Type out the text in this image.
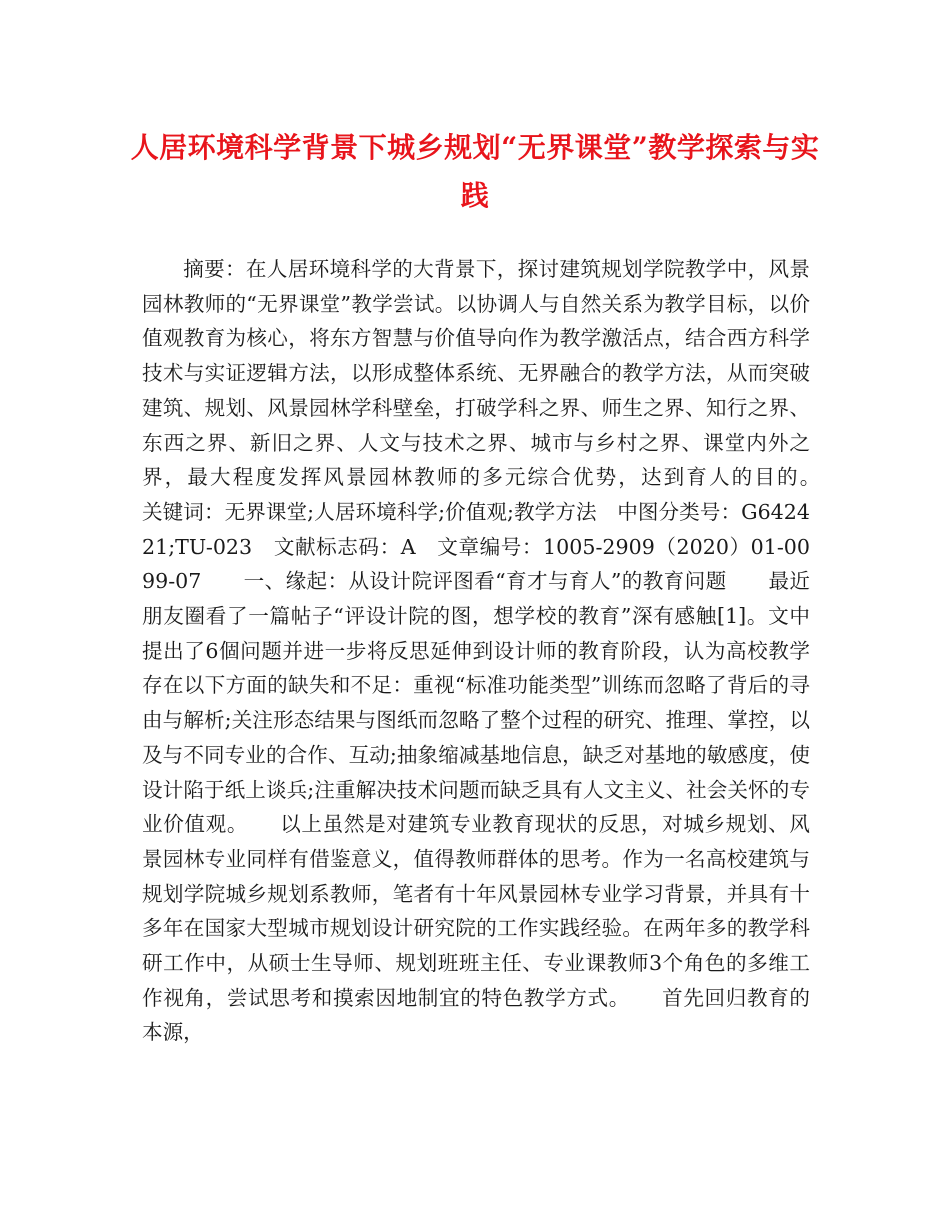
人居环境科学背景下城乡规划“无界课堂”教学探索与实践

摘要：在人居环境科学的大背景下，探讨建筑规划学院教学中，风景园林教师的“无界课堂”教学尝试。以协调人与自然关系为教学目标，以价值观教育为核心，将东方智慧与价值导向作为教学激活点，结合西方科学技术与实证逻辑方法，以形成整体系统、无界融合的教学方法，从而突破建筑、规划、风景园林学科壁垒，打破学科之界、师生之界、知行之界、东西之界、新旧之界、人文与技术之界、城市与乡村之界、课堂内外之界，最大程度发挥风景园林教师的多元综合优势，达到育人的目的。　　关键词：无界课堂;人居环境科学;价值观;教学方法　中图分类号：G642421;TU-023　文献标志码：A　文章编号：1005-2909（2020）01-0099-07　　一、缘起：从设计院评图看“育才与育人”的教育问题　　最近朋友圈看了一篇帖子“评设计院的图，想学校的教育”深有感触[1]。文中提出了6個问题并进一步将反思延伸到设计师的教育阶段，认为高校教学存在以下方面的缺失和不足：重视“标准功能类型”训练而忽略了背后的寻由与解析;关注形态结果与图纸而忽略了整个过程的研究、推理、掌控，以及与不同专业的合作、互动;抽象缩减基地信息，缺乏对基地的敏感度，使设计陷于纸上谈兵;注重解决技术问题而缺乏具有人文主义、社会关怀的专业价值观。　　以上虽然是对建筑专业教育现状的反思，对城乡规划、风景园林专业同样有借鉴意义，值得教师群体的思考。作为一名高校建筑与规划学院城乡规划系教师，笔者有十年风景园林专业学习背景，并具有十多年在国家大型城市规划设计研究院的工作实践经验。在两年多的教学科研工作中，从硕士生导师、规划班班主任、专业课教师3个角色的多维工作视角，尝试思考和摸索因地制宜的特色教学方式。　　首先回归教育的本源，
